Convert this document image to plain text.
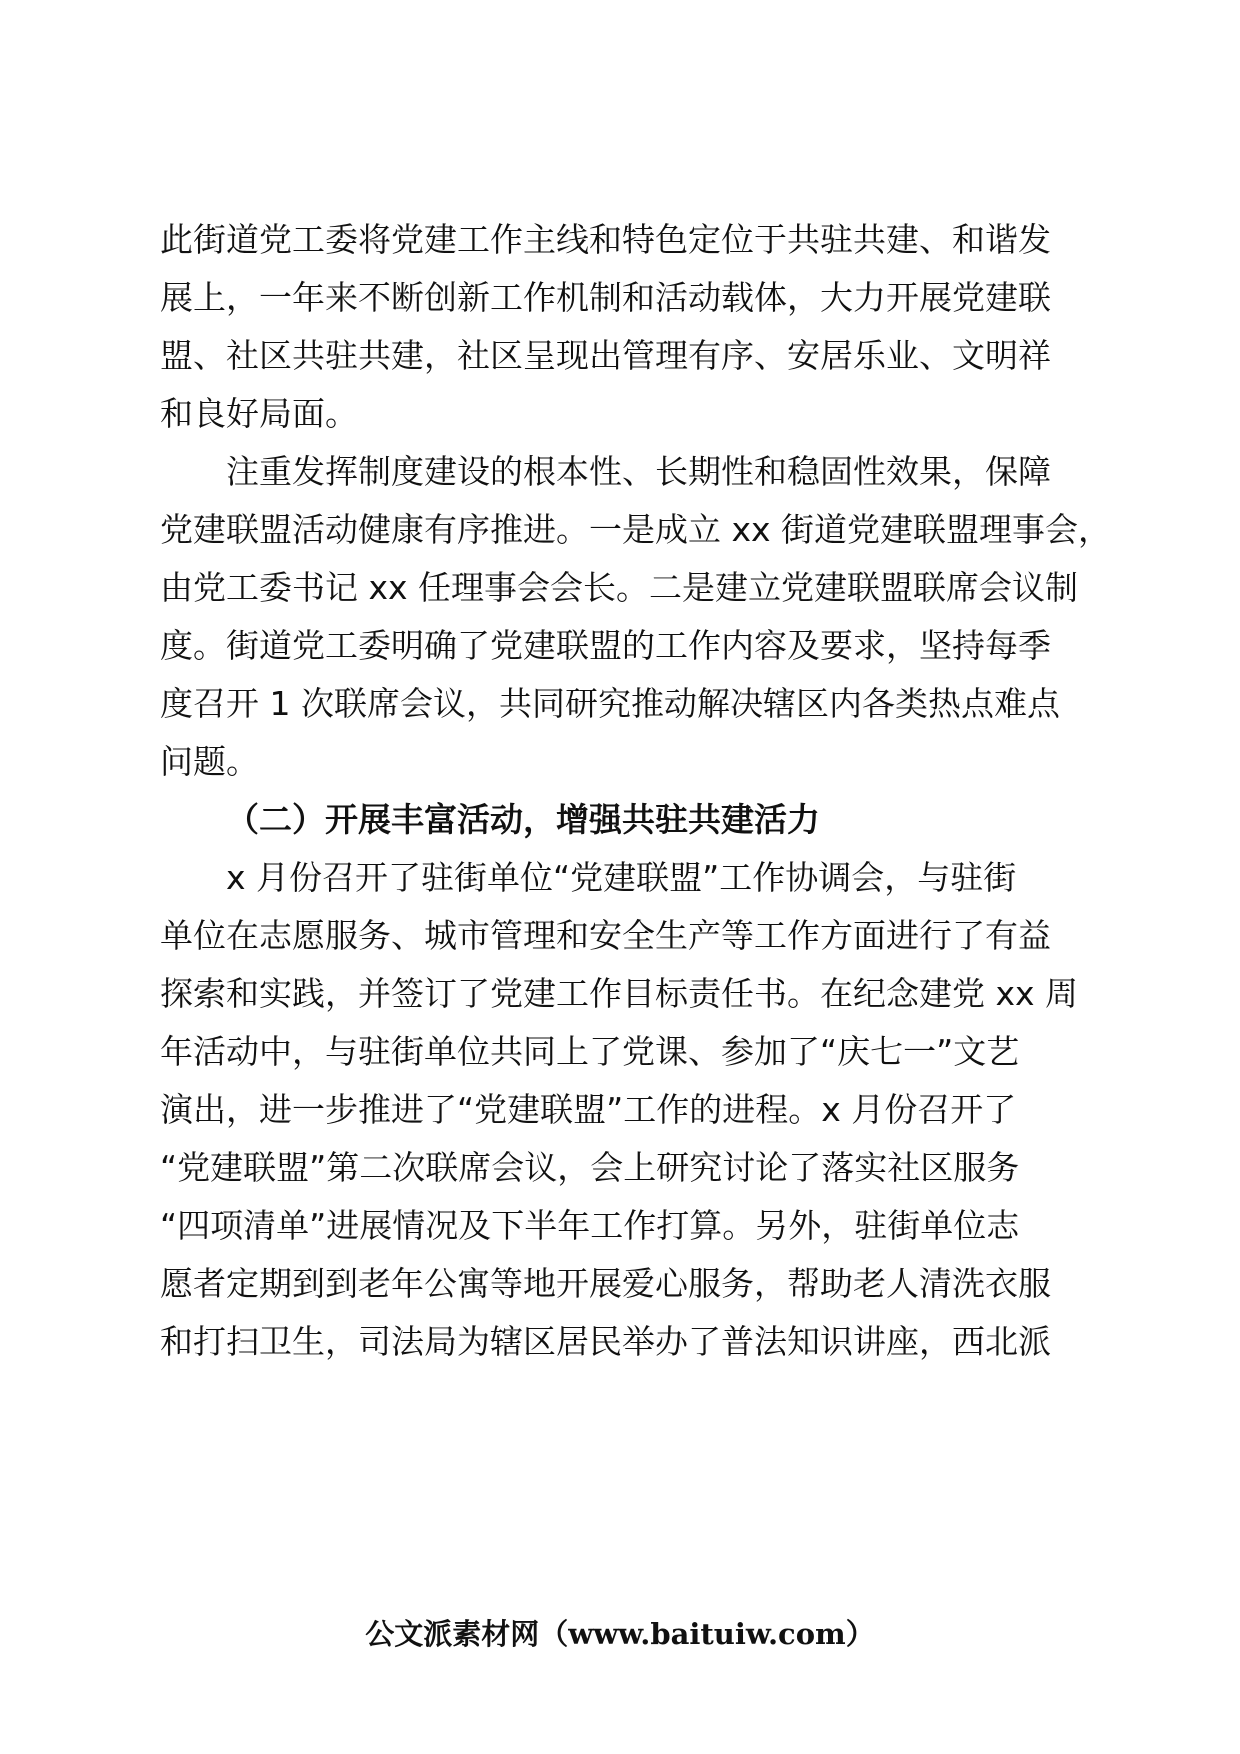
此街道党工委将党建工作主线和特色定位于共驻共建、和谐发
展上，一年来不断创新工作机制和活动载体，大力开展党建联
盟、社区共驻共建，社区呈现出管理有序、安居乐业、文明祥
和良好局面。
注重发挥制度建设的根本性、长期性和稳固性效果，保障
党建联盟活动健康有序推进。一是成立 xx 街道党建联盟理事会，
由党工委书记 xx 任理事会会长。二是建立党建联盟联席会议制
度。街道党工委明确了党建联盟的工作内容及要求，坚持每季
度召开 1 次联席会议，共同研究推动解决辖区内各类热点难点
问题。
（二）开展丰富活动，增强共驻共建活力
x 月份召开了驻街单位“党建联盟”工作协调会，与驻街
单位在志愿服务、城市管理和安全生产等工作方面进行了有益
探索和实践，并签订了党建工作目标责任书。在纪念建党 xx 周
年活动中，与驻街单位共同上了党课、参加了“庆七一”文艺
演出，进一步推进了“党建联盟”工作的进程。x 月份召开了
“党建联盟”第二次联席会议，会上研究讨论了落实社区服务
“四项清单”进展情况及下半年工作打算。另外，驻街单位志
愿者定期到到老年公寓等地开展爱心服务，帮助老人清洗衣服
和打扫卫生，司法局为辖区居民举办了普法知识讲座，西北派
公文派素材网（www.baituiw.com）
